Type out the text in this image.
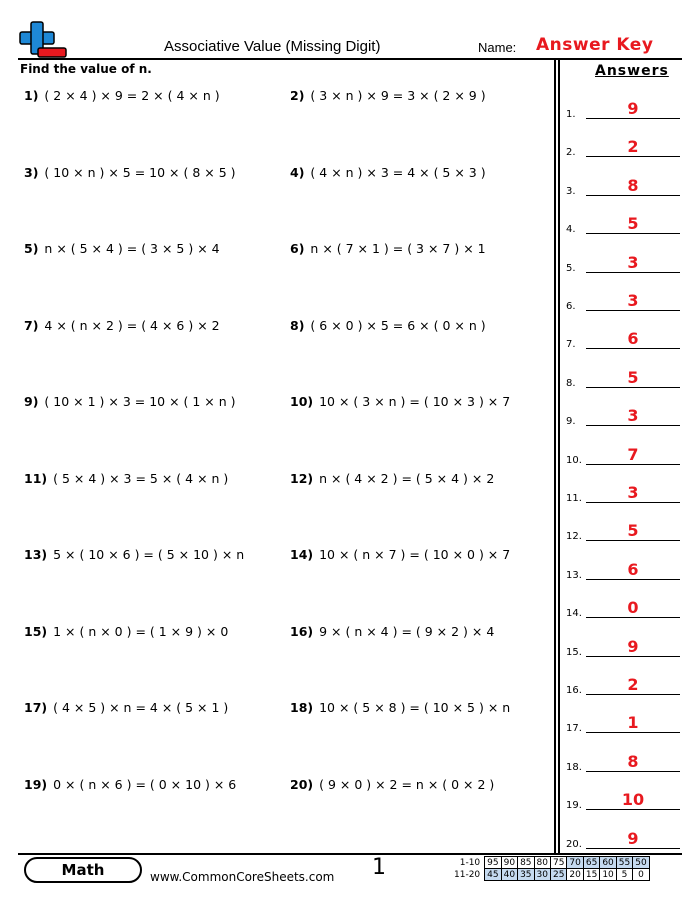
Associative Value (Missing Digit)	Name: Answer Key
Find the value of n.
1) ( 2 × 4 ) × 9 = 2 × ( 4 × n )	2) ( 3 × n ) × 9 = 3 × ( 2 × 9 )
3) ( 10 × n ) × 5 = 10 × ( 8 × 5 )	4) ( 4 × n ) × 3 = 4 × ( 5 × 3 )
5) n × ( 5 × 4 ) = ( 3 × 5 ) × 4	6) n × ( 7 × 1 ) = ( 3 × 7 ) × 1
7) 4 × ( n × 2 ) = ( 4 × 6 ) × 2	8) ( 6 × 0 ) × 5 = 6 × ( 0 × n )
9) ( 10 × 1 ) × 3 = 10 × ( 1 × n )	10) 10 × ( 3 × n ) = ( 10 × 3 ) × 7
11) ( 5 × 4 ) × 3 = 5 × ( 4 × n )	12) n × ( 4 × 2 ) = ( 5 × 4 ) × 2
13) 5 × ( 10 × 6 ) = ( 5 × 10 ) × n	14) 10 × ( n × 7 ) = ( 10 × 0 ) × 7
15) 1 × ( n × 0 ) = ( 1 × 9 ) × 0	16) 9 × ( n × 4 ) = ( 9 × 2 ) × 4
17) ( 4 × 5 ) × n = 4 × ( 5 × 1 )	18) 10 × ( 5 × 8 ) = ( 10 × 5 ) × n
19) 0 × ( n × 6 ) = ( 0 × 10 ) × 6	20) ( 9 × 0 ) × 2 = n × ( 0 × 2 )
Answers
1.	9
2.	2
3.	8
4.	5
5.	3
6.	3
7.	6
8.	5
9.	3
10.	7
11.	3
12.	5
13.	6
14.	0
15.	9
16.	2
17.	1
18.	8
19.	10
20.	9
Math	www.CommonCoreSheets.com 1	1-10	95	90	85	80	75	70	65	60	55	50
11-20	45	40	35	30	25	20	15	10	5	0
